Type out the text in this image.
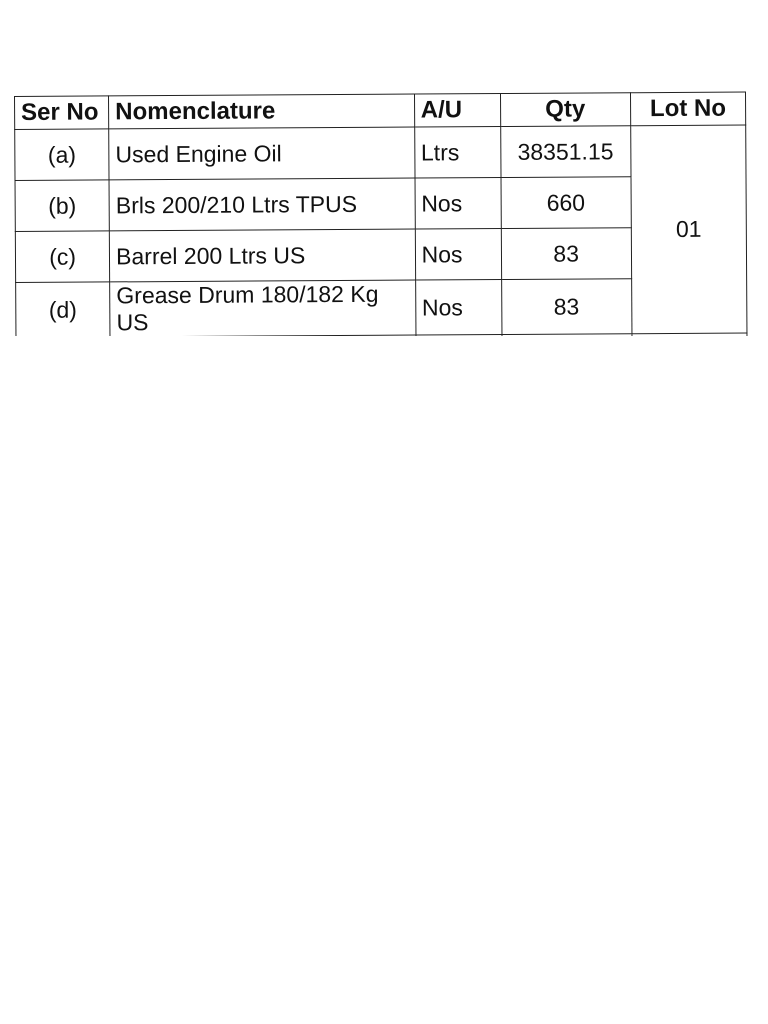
Ser No	Nomenclature	A/U	Qty	Lot No
(a)	Used Engine Oil	Ltrs	38351.15	01
(b)	Brls 200/210 Ltrs TPUS	Nos	660	
(c)	Barrel 200 Ltrs US	Nos	83	
(d)	Grease Drum 180/182 Kg US	Nos	83	
